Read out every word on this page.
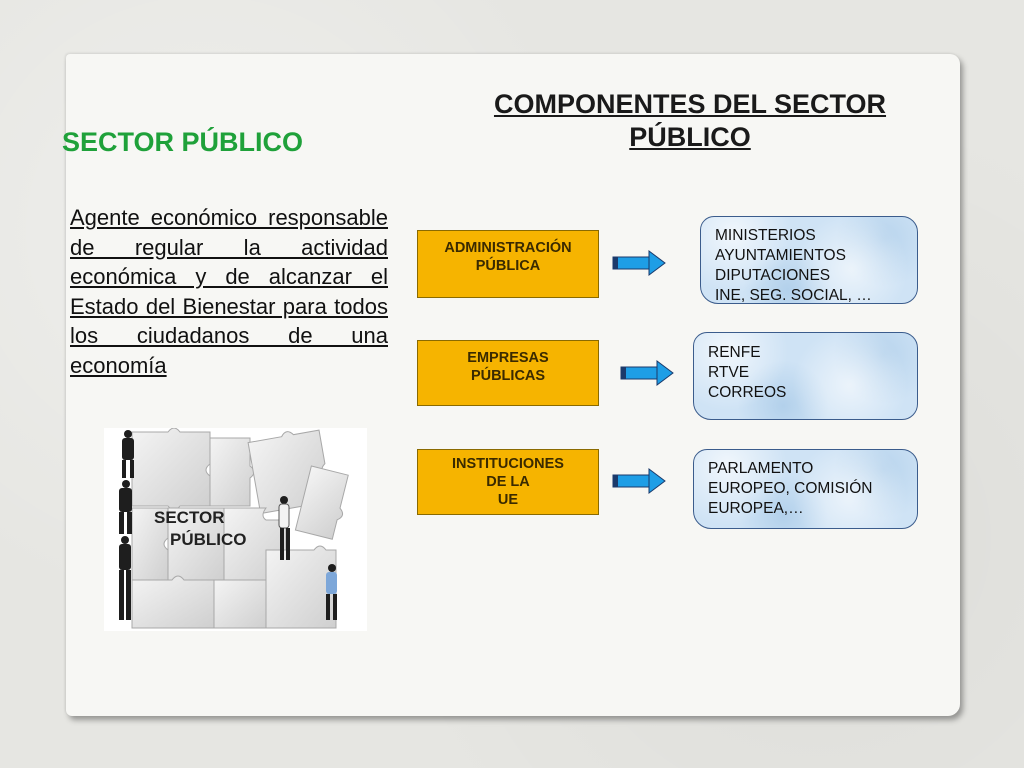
SECTOR PÚBLICO
COMPONENTES DEL SECTOR PÚBLICO

Agente económico responsable de regular la actividad económica y de alcanzar el Estado del Bienestar para todos los ciudadanos de una economía

SECTOR
PÚBLICO
ADMINISTRACIÓN
PÚBLICA
MINISTERIOS
AYUNTAMIENTOS
DIPUTACIONES
INE, SEG. SOCIAL, …
EMPRESAS
PÚBLICAS
RENFE
RTVE
CORREOS
INSTITUCIONES
DE LA
UE
PARLAMENTO
EUROPEO, COMISIÓN
EUROPEA,…
